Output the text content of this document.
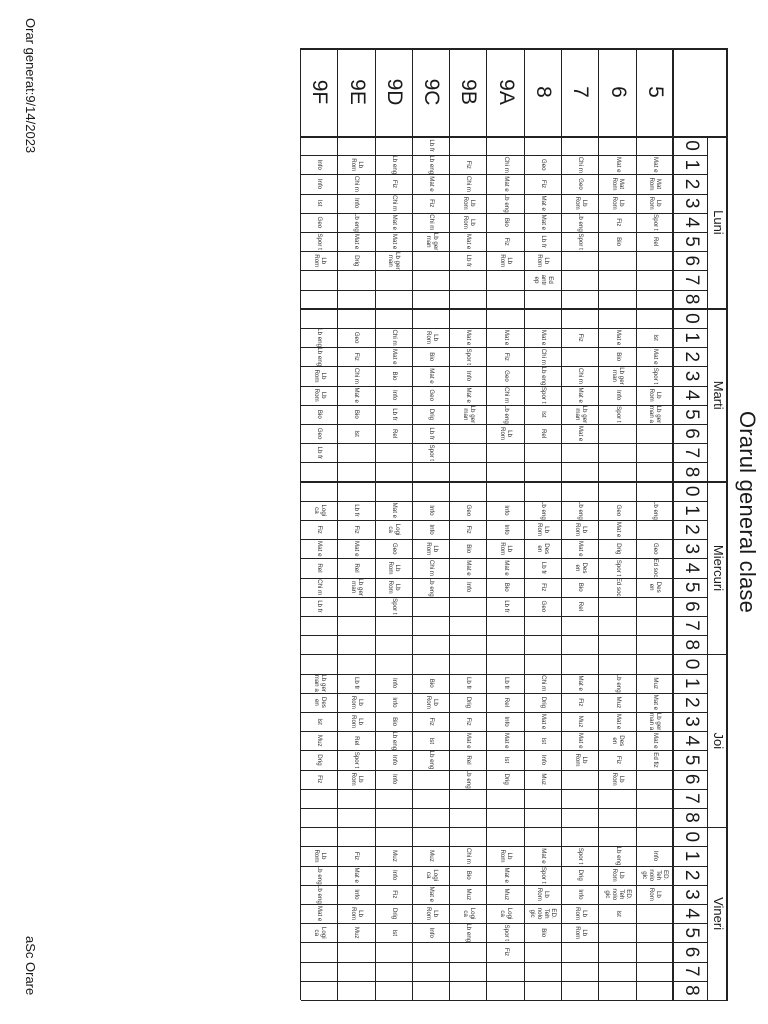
Orarul general clase
Luni
0
1
2
3
4
5
6
7
8
Marti
0
1
2
3
4
5
6
7
8
Miercuri
0
1
2
3
4
5
6
7
8
Joi
0
1
2
3
4
5
6
7
8
Vineri
0
1
2
3
4
5
6
7
8
5
Mat e
Mat Rom
Lb Rom
Spor t
Rel
Ist
Mat e
Spor t
Lb Rom
Lb ger man a
Lb eng
Geo
Ed soc
Des en
Muz
Mat e
Lb ger man a
Mat e
Ed fiz
Info
ED. Teh nolo gic
Lb Rom
6
Mat e
Mat Rom
Lb Rom
Fiz
Bio
Mat e
Bio
Lb ger man
Info
Spor t
Geo
Mat e
Drig
Spor t
Ed soc
Lb eng
Muz
Mat e
Des en
Fiz
Lb Rom
Lb eng
Lb Rom
ED. Teh nolo gic
Ist
7
Chi m
Geo
Lb Rom
Lb eng
Spor t
Fiz
Chi m
Mat e
Lb ger man
Mat e
Lb eng
Lb Rom
Mat e
Des en
Bio
Rel
Mat e
Fiz
Muz
Mat e
Lb Rom
Spor t
Drig
Info
Lb Rom
Lb Rom
8
Geo
Fiz
Mat e
Mat e
Lb fr
Lb Rom
Ed antr ep
Mat e
Chi m
Lb eng
Spor t
Ist
Rel
Lb eng
Lb Rom
Des en
Lb fr
Fiz
Geo
Chi m
Drig
Mat e
Ist
Info
Muz
Mat e
Spor t
Lb Rom
ED. Teh nolo gic
Bio
9A
Chi m
Mat e
Lb eng
Bio
Fiz
Lb Rom
Mat e
Fiz
Geo
Chi m
Lb eng
Lb Rom
Info
Info
Lb Rom
Mat e
Bio
Lb fr
Lb fr
Rel
Info
Mat e
Ist
Drig
Lb Rom
Mat e
Muz
Logi ca
Spor t
Fiz
9B
Fiz
Chi m
Lb Rom
Lb Rom
Mat e
Lb fr
Mat e
Spor t
Info
Mat e
Lb ger man
Geo
Fiz
Bio
Mat e
Info
Lb fr
Drig
Fiz
Mat e
Rel
Lb eng
Chi m
Bio
Muz
Logi ca
Lb eng
9C
Lb fr
Lb eng
Mat e
Fiz
Chi m
Lb ger man
Lb Rom
Bio
Mat e
Geo
Drig
Lb fr
Spor t
Info
Info
Lb Rom
Chi m
Lb eng
Bio
Lb Rom
Fiz
Ist
Lb eng
Muz
Logi ca
Mat e
Lb Rom
Info
9D
Lb eng
Fiz
Chi m
Mat e
Mat e
Lb ger man
Chi m
Mat e
Bio
Info
Lb fr
Rel
Mat e
Logi ca
Geo
Lb Rom
Lb Rom
Spor t
Info
Info
Bio
Lb eng
Info
Info
Muz
Info
Fiz
Drig
Ist
9E
Lb Rom
Chi m
Info
Lb eng
Mat e
Drig
Geo
Fiz
Chi m
Mat e
Bio
Ist
Lb fr
Fiz
Mat e
Rel
Lb ger man
Lb fr
Lb Rom
Lb Rom
Rel
Spor t
Lb Rom
Fiz
Mat e
Info
Lb Rom
Muz
9F
Info
Info
Ist
Geo
Spor t
Lb Rom
Lb eng
Lb eng
Lb Rom
Lb Rom
Bio
Geo
Lb fr
Logi ca
Fiz
Mat e
Rel
Chi m
Lb fr
Lb ger man a
Des en
Ist
Muz
Drig
Fiz
Lb Rom
Lb eng
Lb eng
Mat e
Logi ca
Orar generat:9/14/2023
aSc Orare
